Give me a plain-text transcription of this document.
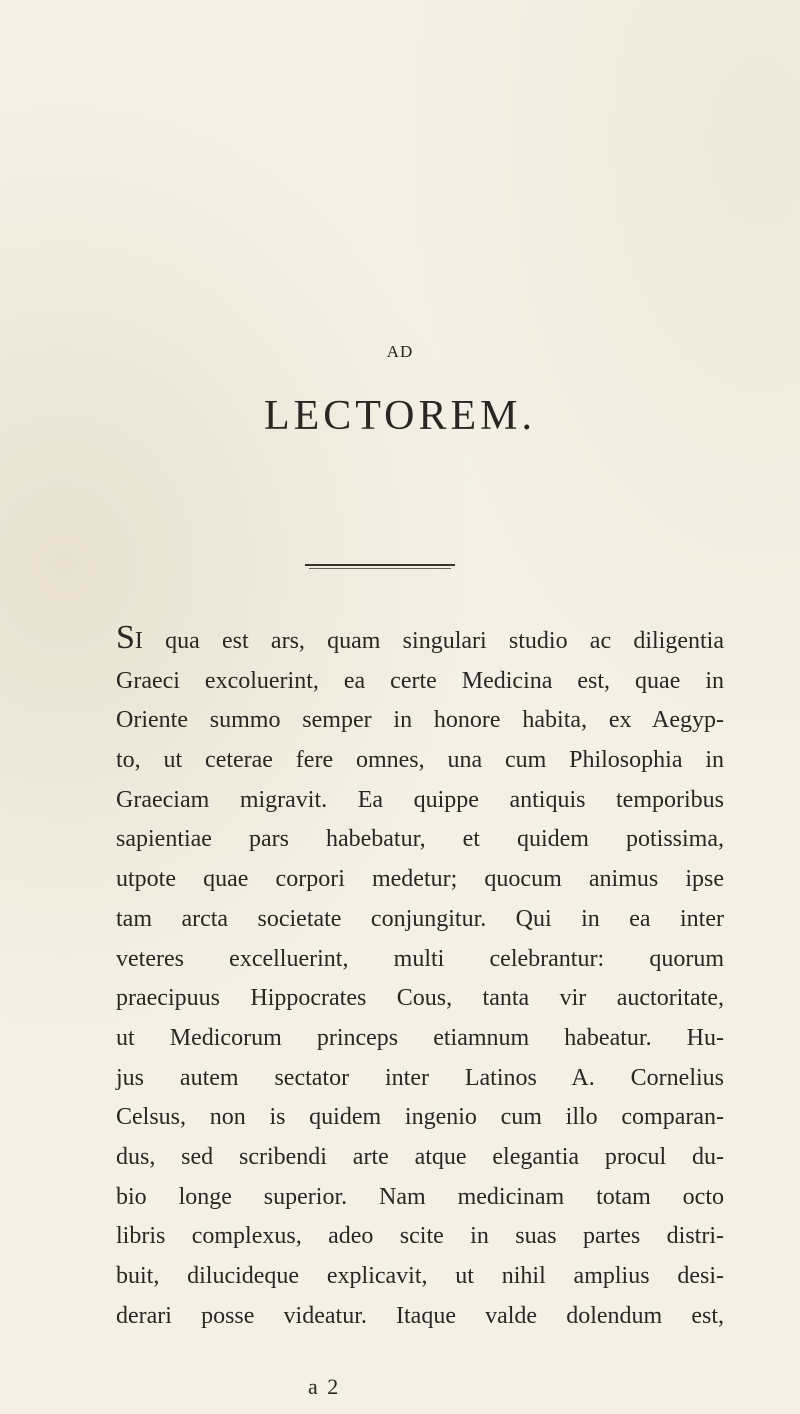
AD
LECTOREM.
SI qua est ars, quam singulari studio ac diligentia
Graeci excoluerint, ea certe Medicina est, quae in
Oriente summo semper in honore habita, ex Aegyp-
to, ut ceterae fere omnes, una cum Philosophia in
Graeciam migravit. Ea quippe antiquis temporibus
sapientiae pars habebatur, et quidem potissima,
utpote quae corpori medetur; quocum animus ipse
tam arcta societate conjungitur. Qui in ea inter
veteres excelluerint, multi celebrantur: quorum
praecipuus Hippocrates Cous, tanta vir auctoritate,
ut Medicorum princeps etiamnum habeatur. Hu-
jus autem sectator inter Latinos A. Cornelius
Celsus, non is quidem ingenio cum illo comparan-
dus, sed scribendi arte atque elegantia procul du-
bio longe superior. Nam medicinam totam octo
libris complexus, adeo scite in suas partes distri-
buit, dilucideque explicavit, ut nihil amplius desi-
derari posse videatur. Itaque valde dolendum est,
a 2
